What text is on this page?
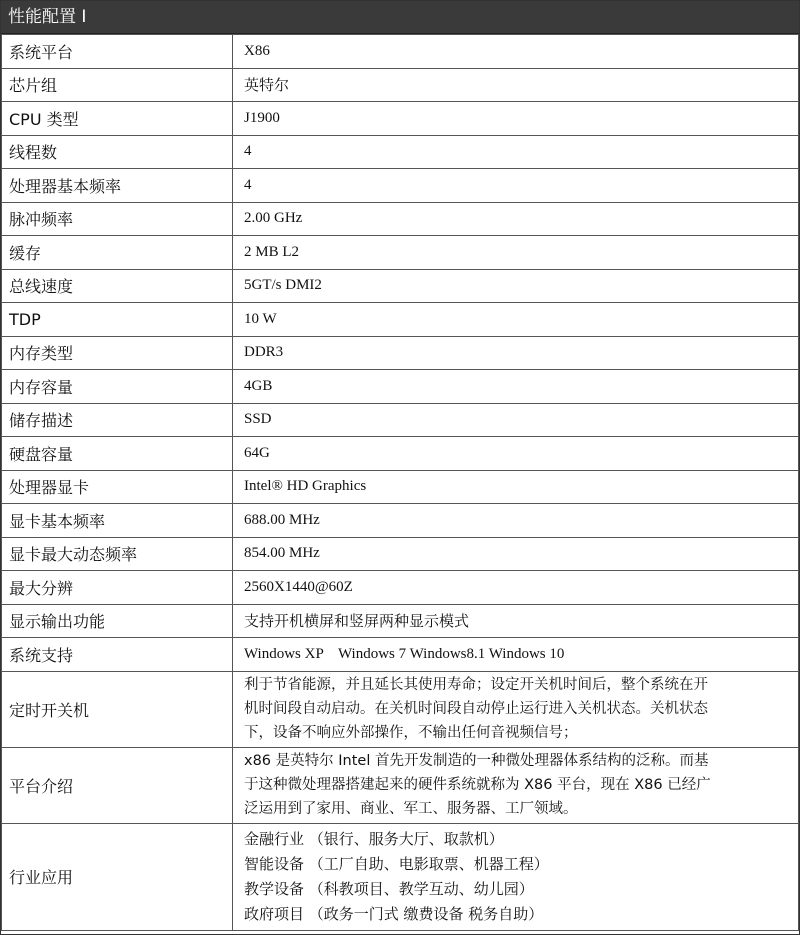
性能配置 I
系统平台	X86
芯片组	英特尔
CPU 类型	J1900
线程数	4
处理器基本频率	4
脉冲频率	2.00 GHz
缓存	2 MB L2
总线速度	5GT/s DMI2
TDP	10 W
内存类型	DDR3
内存容量	4GB
储存描述	SSD
硬盘容量	64G
处理器显卡	Intel® HD Graphics
显卡基本频率	688.00 MHz
显卡最大动态频率	854.00 MHz
最大分辨	2560X1440@60Z
显示输出功能	支持开机横屏和竖屏两种显示模式
系统支持	Windows XP    Windows 7 Windows8.1 Windows 10
定时开关机	利于节省能源，并且延长其使用寿命；设定开关机时间后，整个系统在开
机时间段自动启动。在关机时间段自动停止运行进入关机状态。关机状态
下，设备不响应外部操作，不输出任何音视频信号；

平台介绍	x86 是英特尔 Intel 首先开发制造的一种微处理器体系结构的泛称。而基
于这种微处理器搭建起来的硬件系统就称为 X86 平台，现在 X86 已经广
泛运用到了家用、商业、军工、服务器、工厂领域。

行业应用	金融行业 （银行、服务大厅、取款机）
智能设备 （工厂自助、电影取票、机器工程）
教学设备 （科教项目、教学互动、幼儿园）
政府项目 （政务一门式 缴费设备 税务自助）
